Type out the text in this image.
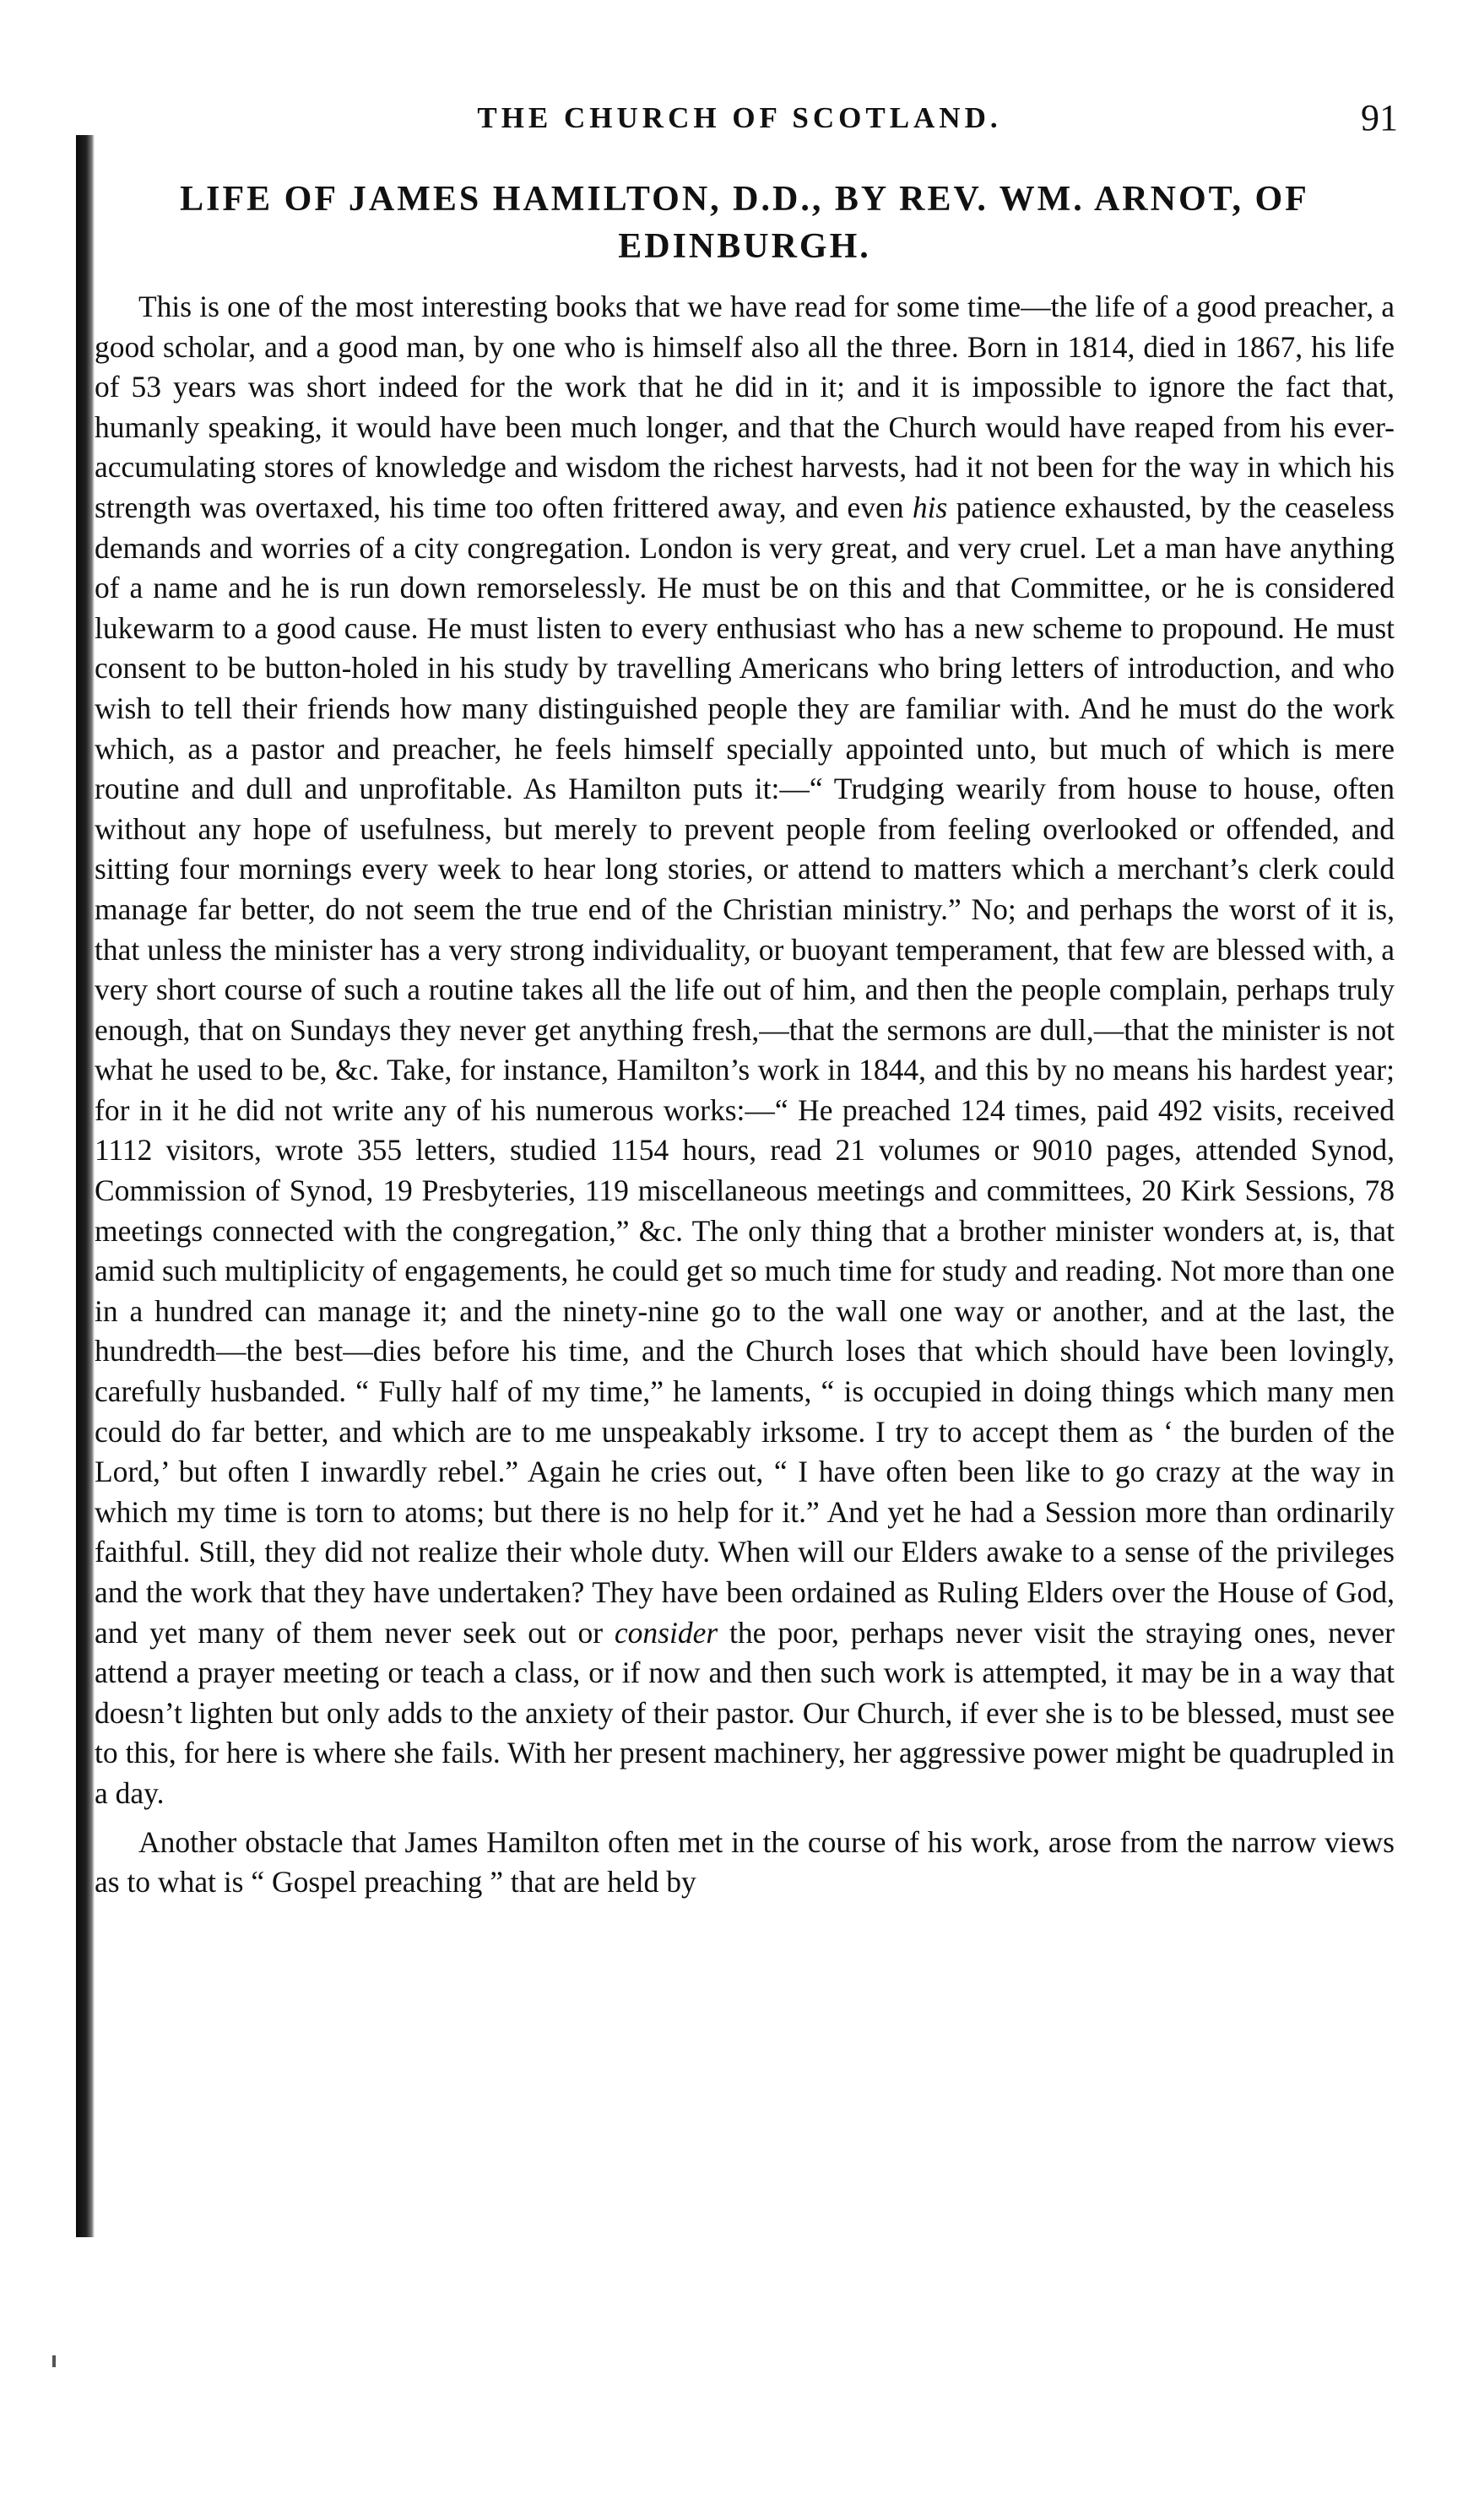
THE CHURCH OF SCOTLAND.	91
LIFE OF JAMES HAMILTON, D.D., BY REV. WM. ARNOT, OF EDINBURGH.

This is one of the most interesting books that we have read for some time—the life of a good preacher, a good scholar, and a good man, by one who is himself also all the three. Born in 1814, died in 1867, his life of 53 years was short indeed for the work that he did in it; and it is impossible to ignore the fact that, humanly speaking, it would have been much longer, and that the Church would have reaped from his ever-accumulating stores of knowledge and wisdom the richest harvests, had it not been for the way in which his strength was overtaxed, his time too often frittered away, and even his patience exhausted, by the ceaseless demands and worries of a city congregation. London is very great, and very cruel. Let a man have anything of a name and he is run down remorselessly. He must be on this and that Committee, or he is considered lukewarm to a good cause. He must listen to every enthusiast who has a new scheme to propound. He must consent to be button-holed in his study by travelling Americans who bring letters of introduction, and who wish to tell their friends how many distinguished people they are familiar with. And he must do the work which, as a pastor and preacher, he feels himself specially appointed unto, but much of which is mere routine and dull and unprofitable. As Hamilton puts it:—“ Trudging wearily from house to house, often without any hope of usefulness, but merely to prevent people from feeling overlooked or offended, and sitting four mornings every week to hear long stories, or attend to matters which a merchant’s clerk could manage far better, do not seem the true end of the Christian ministry.” No; and perhaps the worst of it is, that unless the minister has a very strong individuality, or buoyant temperament, that few are blessed with, a very short course of such a routine takes all the life out of him, and then the people complain, perhaps truly enough, that on Sundays they never get anything fresh,—that the sermons are dull,—that the minister is not what he used to be, &c. Take, for instance, Hamilton’s work in 1844, and this by no means his hardest year; for in it he did not write any of his numerous works:—“ He preached 124 times, paid 492 visits, received 1112 visitors, wrote 355 letters, studied 1154 hours, read 21 volumes or 9010 pages, attended Synod, Commission of Synod, 19 Presbyteries, 119 miscellaneous meetings and committees, 20 Kirk Sessions, 78 meetings connected with the congregation,” &c. The only thing that a brother minister wonders at, is, that amid such multiplicity of engagements, he could get so much time for study and reading. Not more than one in a hundred can manage it; and the ninety-nine go to the wall one way or another, and at the last, the hundredth—the best—dies before his time, and the Church loses that which should have been lovingly, carefully husbanded. “ Fully half of my time,” he laments, “ is occupied in doing things which many men could do far better, and which are to me unspeakably irksome. I try to accept them as ‘ the burden of the Lord,’ but often I inwardly rebel.” Again he cries out, “ I have often been like to go crazy at the way in which my time is torn to atoms; but there is no help for it.” And yet he had a Session more than ordinarily faithful. Still, they did not realize their whole duty. When will our Elders awake to a sense of the privileges and the work that they have undertaken? They have been ordained as Ruling Elders over the House of God, and yet many of them never seek out or consider the poor, perhaps never visit the straying ones, never attend a prayer meeting or teach a class, or if now and then such work is attempted, it may be in a way that doesn’t lighten but only adds to the anxiety of their pastor. Our Church, if ever she is to be blessed, must see to this, for here is where she fails. With her present machinery, her aggressive power might be quadrupled in a day.

Another obstacle that James Hamilton often met in the course of his work, arose from the narrow views as to what is “ Gospel preaching ” that are held by
